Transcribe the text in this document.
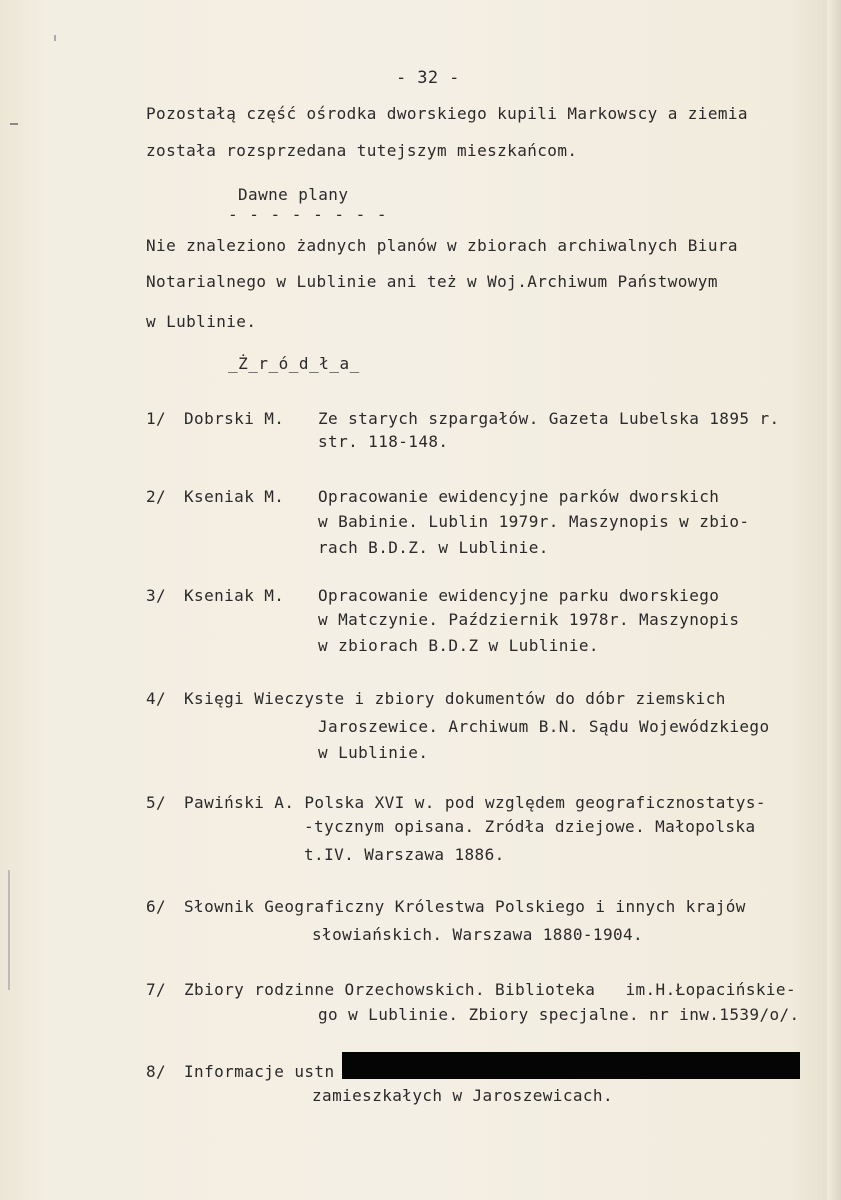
- 32 -
Pozostałą część ośrodka dworskiego kupili Markowscy a ziemia
została rozsprzedana tutejszym mieszkańcom.
Dawne plany
- - - - - - - -
Nie znaleziono żadnych planów w zbiorach archiwalnych Biura
Notarialnego w Lublinie ani też w Woj.Archiwum Państwowym
w Lublinie.
_Ż_r_ó_d_ł_a_
1/ Dobrski M. Ze starych szpargałów. Gazeta Lubelska 1895 r.
str. 118-148.
2/ Kseniak M. Opracowanie ewidencyjne parków dworskich
w Babinie. Lublin 1979r. Maszynopis w zbio-
rach B.D.Z. w Lublinie.
3/ Kseniak M. Opracowanie ewidencyjne parku dworskiego
w Matczynie. Październik 1978r. Maszynopis
w zbiorach B.D.Z w Lublinie.
4/ Księgi Wieczyste i zbiory dokumentów do dóbr ziemskich
Jaroszewice. Archiwum B.N. Sądu Wojewódzkiego
w Lublinie.
5/ Pawiński A. Polska XVI w. pod względem geograficznostatys-
-tycznym opisana. Zródła dziejowe. Małopolska
t.IV. Warszawa 1886.
6/ Słownik Geograficzny Królestwa Polskiego i innych krajów
słowiańskich. Warszawa 1880-1904.
7/ Zbiory rodzinne Orzechowskich. Biblioteka   im.H.Łopacińskie-
go w Lublinie. Zbiory specjalne. nr inw.1539/o/.
8/ Informacje ustn
zamieszkałych w Jaroszewicach.
